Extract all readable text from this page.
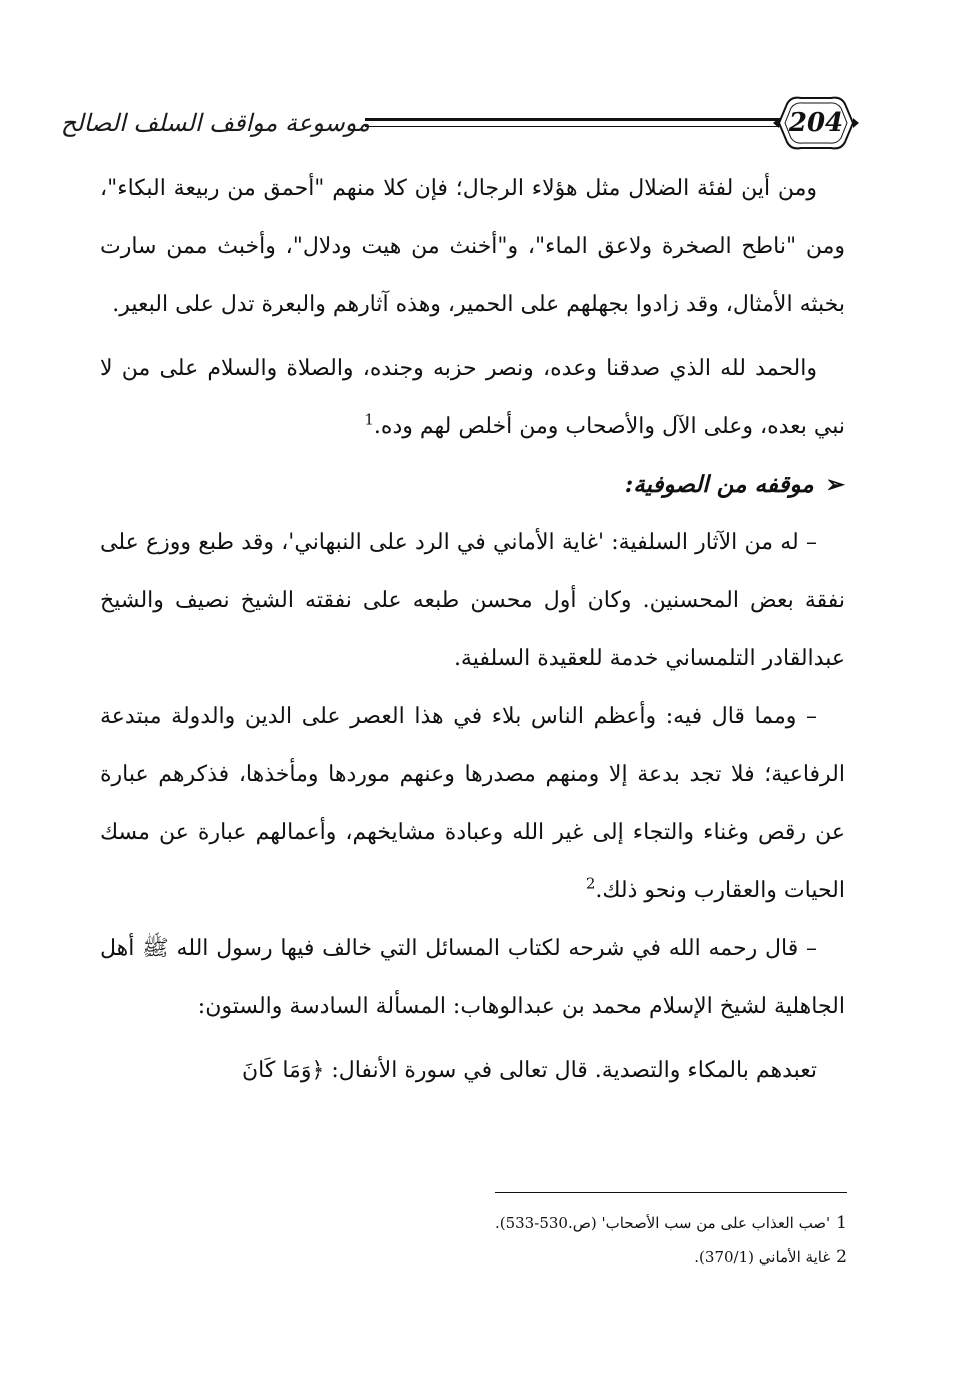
موسوعة مواقف السلف الصالح	204

ومن أين لفئة الضلال مثل هؤلاء الرجال؛ فإن كلا منهم "أحمق من ربيعة البكاء"، ومن "ناطح الصخرة ولاعق الماء"، و"أخنث من هيت ودلال"، وأخبث ممن سارت بخبثه الأمثال، وقد زادوا بجهلهم على الحمير، وهذه آثارهم والبعرة تدل على البعير.

والحمد لله الذي صدقنا وعده، ونصر حزبه وجنده، والصلاة والسلام على من لا نبي بعده، وعلى الآل والأصحاب ومن أخلص لهم وده.$^1$

➢موقفه من الصوفية:

– له من الآثار السلفية: 'غاية الأماني في الرد على النبهاني'، وقد طبع ووزع على نفقة بعض المحسنين. وكان أول محسن طبعه على نفقته الشيخ نصيف والشيخ عبدالقادر التلمساني خدمة للعقيدة السلفية.

– ومما قال فيه: وأعظم الناس بلاء في هذا العصر على الدين والدولة مبتدعة الرفاعية؛ فلا تجد بدعة إلا ومنهم مصدرها وعنهم موردها ومأخذها، فذكرهم عبارة عن رقص وغناء والتجاء إلى غير الله وعبادة مشايخهم، وأعمالهم عبارة عن مسك الحيات والعقارب ونحو ذلك.$^2$

– قال رحمه الله في شرحه لكتاب المسائل التي خالف فيها رسول الله ﷺ أهل الجاهلية لشيخ الإسلام محمد بن عبدالوهاب: المسألة السادسة والستون:

تعبدهم بالمكاء والتصدية. قال تعالى في سورة الأنفال: ﴿وَمَا كَانَ

1'صب العذاب على من سب الأصحاب' (ص.530-533).

2غاية الأماني (370/1).
